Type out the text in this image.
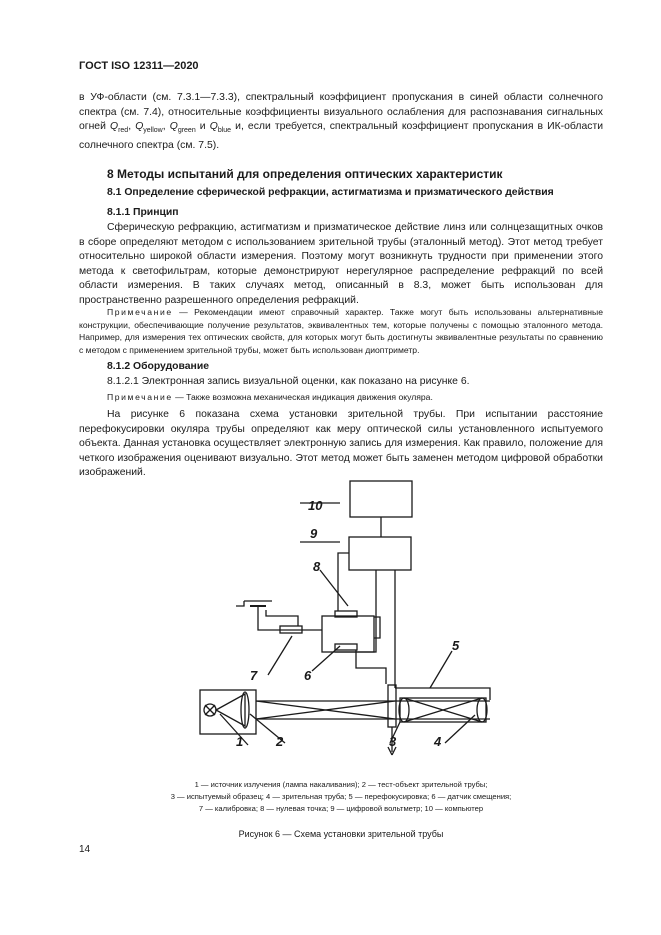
ГОСТ ISO 12311—2020
в УФ-области (см. 7.3.1—7.3.3), спектральный коэффициент пропускания в синей области солнечного спектра (см. 7.4), относительные коэффициенты визуального ослабления для распознавания сигнальных огней $Q_{red}$, $Q_{yellow}$, $Q_{green}$ и $Q_{blue}$ и, если требуется, спектральный коэффициент пропускания в ИК-области солнечного спектра (см. 7.5).
8 Методы испытаний для определения оптических характеристик
8.1 Определение сферической рефракции, астигматизма и призматического действия
8.1.1 Принцип
Сферическую рефракцию, астигматизм и призматическое действие линз или солнцезащитных очков в сборе определяют методом с использованием зрительной трубы (эталонный метод). Этот метод требует относительно широкой области измерения. Поэтому могут возникнуть трудности при применении этого метода к светофильтрам, которые демонстрируют нерегулярное распределение рефракций по всей области измерения. В таких случаях метод, описанный в 8.3, может быть использован для пространственно разрешенного определения рефракций.
Примечание — Рекомендации имеют справочный характер. Также могут быть использованы альтернативные конструкции, обеспечивающие получение результатов, эквивалентных тем, которые получены с помощью эталонного метода. Например, для измерения тех оптических свойств, для которых могут быть достигнуты эквивалентные результаты по сравнению с методом с применением зрительной трубы, может быть использован диоптриметр.
8.1.2 Оборудование
8.1.2.1 Электронная запись визуальной оценки, как показано на рисунке 6.
Примечание — Также возможна механическая индикация движения окуляра.
На рисунке 6 показана схема установки зрительной трубы. При испытании расстояние перефокусировки окуляра трубы определяют как меру оптической силы установленного испытуемого объекта. Данная установка осуществляет электронную запись для измерения. Как правило, положение для четкого изображения оценивают визуально. Этот метод может быть заменен методом цифровой обработки изображений.
10
9
8
7	6
5
1	2	3	4
1 — источник излучения (лампа накаливания); 2 — тест-объект зрительной трубы;
3 — испытуемый образец; 4 — зрительная труба; 5 — перефокусировка; 6 — датчик смещения;
7 — калибровка; 8 — нулевая точка; 9 — цифровой вольтметр; 10 — компьютер
Рисунок 6 — Схема установки зрительной трубы
14
